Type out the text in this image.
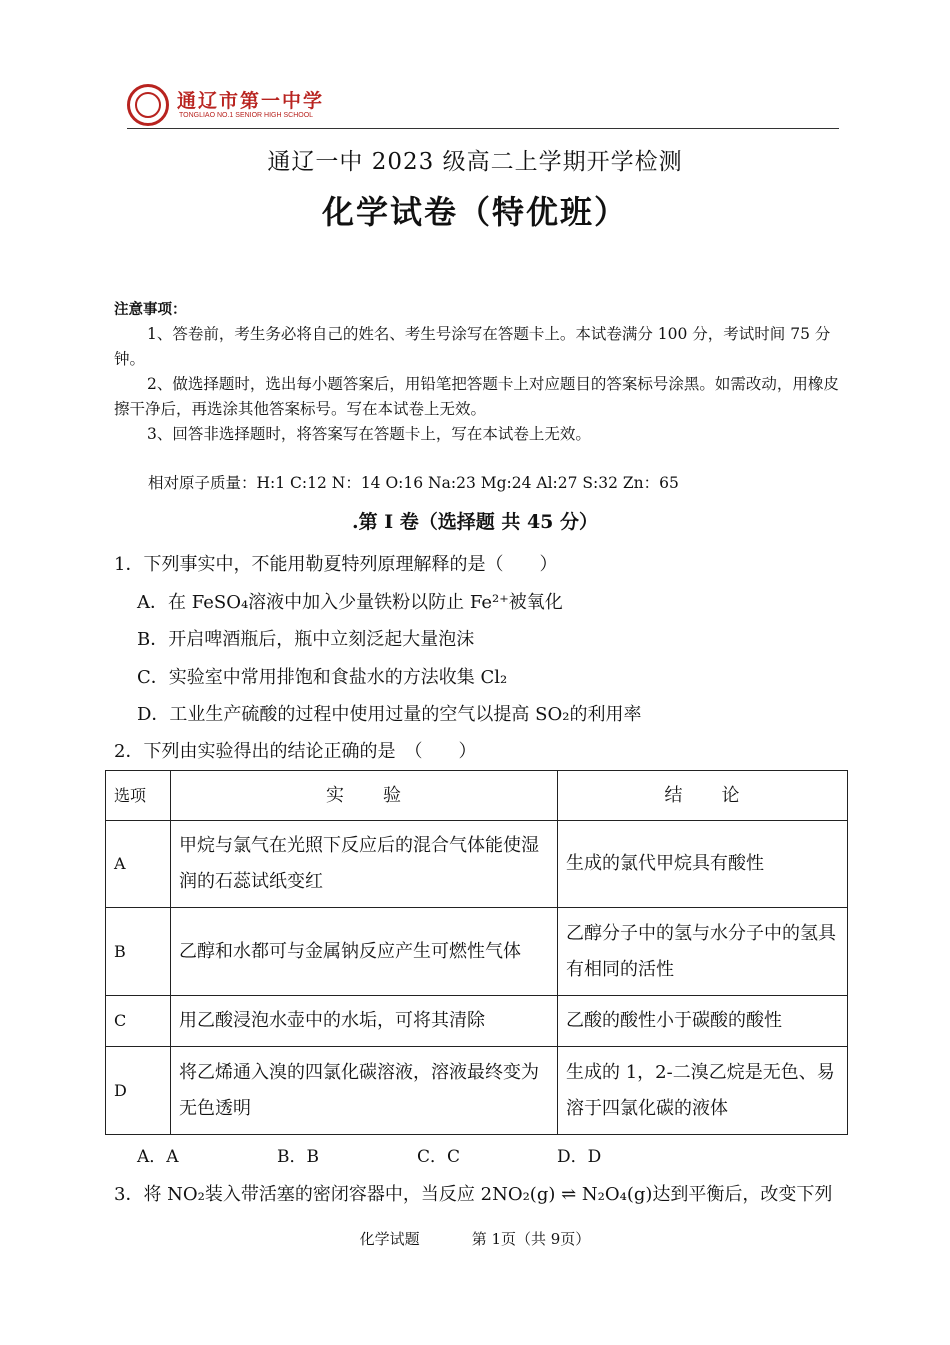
通辽市第一中学
TONGLIAO NO.1 SENIOR HIGH SCHOOL
通辽一中 2023 级高二上学期开学检测
化学试卷（特优班）
注意事项：

1、答卷前，考生务必将自己的姓名、考生号涂写在答题卡上。本试卷满分 100 分，考试时间 75 分钟。

2、做选择题时，选出每小题答案后，用铅笔把答题卡上对应题目的答案标号涂黑。如需改动，用橡皮擦干净后，再选涂其他答案标号。写在本试卷上无效。

3、回答非选择题时，将答案写在答题卡上，写在本试卷上无效。

相对原子质量：H:1 C:12 N：14 O:16 Na:23 Mg:24 Al:27 S:32 Zn：65
.第 I 卷（选择题 共 45 分）
1．下列事实中，不能用勒夏特列原理解释的是（　　）
A．在 FeSO₄溶液中加入少量铁粉以防止 Fe²⁺被氧化
B．开启啤酒瓶后，瓶中立刻泛起大量泡沫
C．实验室中常用排饱和食盐水的方法收集 Cl₂
D．工业生产硫酸的过程中使用过量的空气以提高 SO₂的利用率
2．下列由实验得出的结论正确的是　（　　）
选项	实　　验	结　　论
A	甲烷与氯气在光照下反应后的混合气体能使湿润的石蕊试纸变红	生成的氯代甲烷具有酸性
B	乙醇和水都可与金属钠反应产生可燃性气体	乙醇分子中的氢与水分子中的氢具有相同的活性
C	用乙酸浸泡水壶中的水垢，可将其清除	乙酸的酸性小于碳酸的酸性
D	将乙烯通入溴的四氯化碳溶液，溶液最终变为无色透明	生成的 1，2-二溴乙烷是无色、易溶于四氯化碳的液体
A．A	B．B	C．C	D．D
3．将 NO₂装入带活塞的密闭容器中，当反应 2NO₂(g) ⇌ N₂O₄(g)达到平衡后，改变下列
化学试题	第 1页（共 9页）
